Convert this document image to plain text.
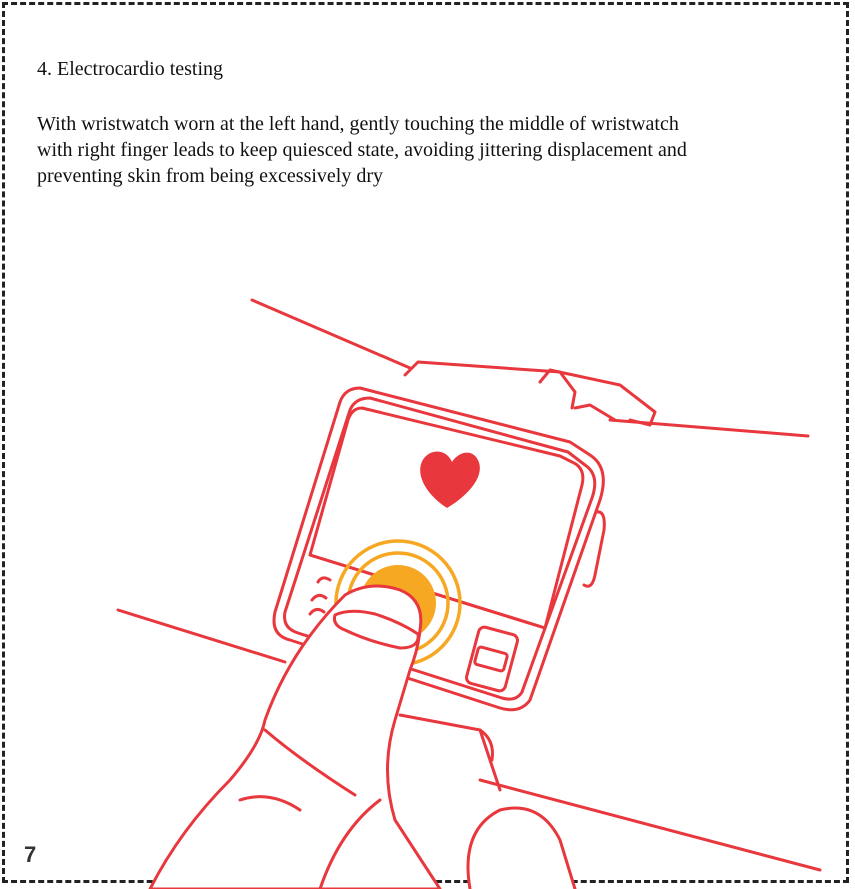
4. Electrocardio testing
With wristwatch worn at the left hand, gently touching the middle of wristwatch
with right finger leads to keep quiesced state, avoiding jittering displacement and
preventing skin from being excessively dry
7
